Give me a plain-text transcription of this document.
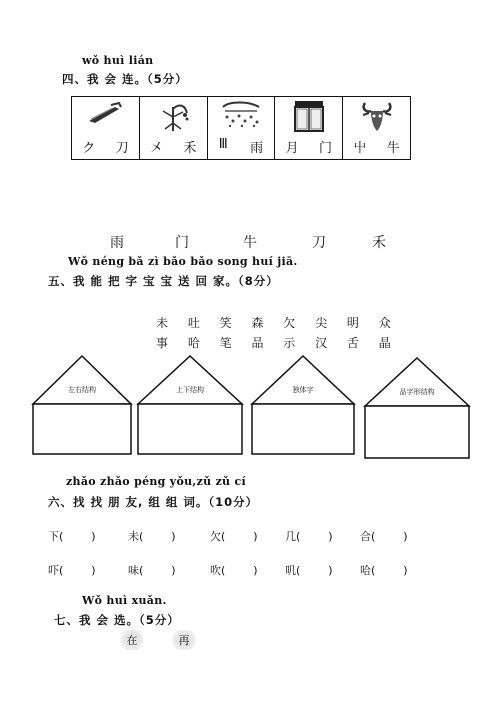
wǒ huì lián
四、我 会 连。（5分）
ク 刀 㐅 禾 Ⅲ 雨 月 门 屮 牛
雨	门	牛	刀	禾
Wǒ néng bǎ zì bǎo bǎo song huí jiā.
五、我 能 把 字 宝 宝 送 回 家。（8分）
未 吐 笑 森 欠 尖 明 众
事 哈 笔 品 示 汉 舌 晶
左右结构	上下结构	独体字	品字形结构
zhǎo zhǎo péng yǒu,zǔ zǔ cí
六、找 找 朋 友, 组 组 词。（10分）
下(        )	未(        )	欠(        ) 几(        ) 合(        )
吓(        )	味(        )	吹(        ) 叽(        ) 哈(        )
Wǒ huì xuǎn.
七、我 会 选。（5分）
在	再
